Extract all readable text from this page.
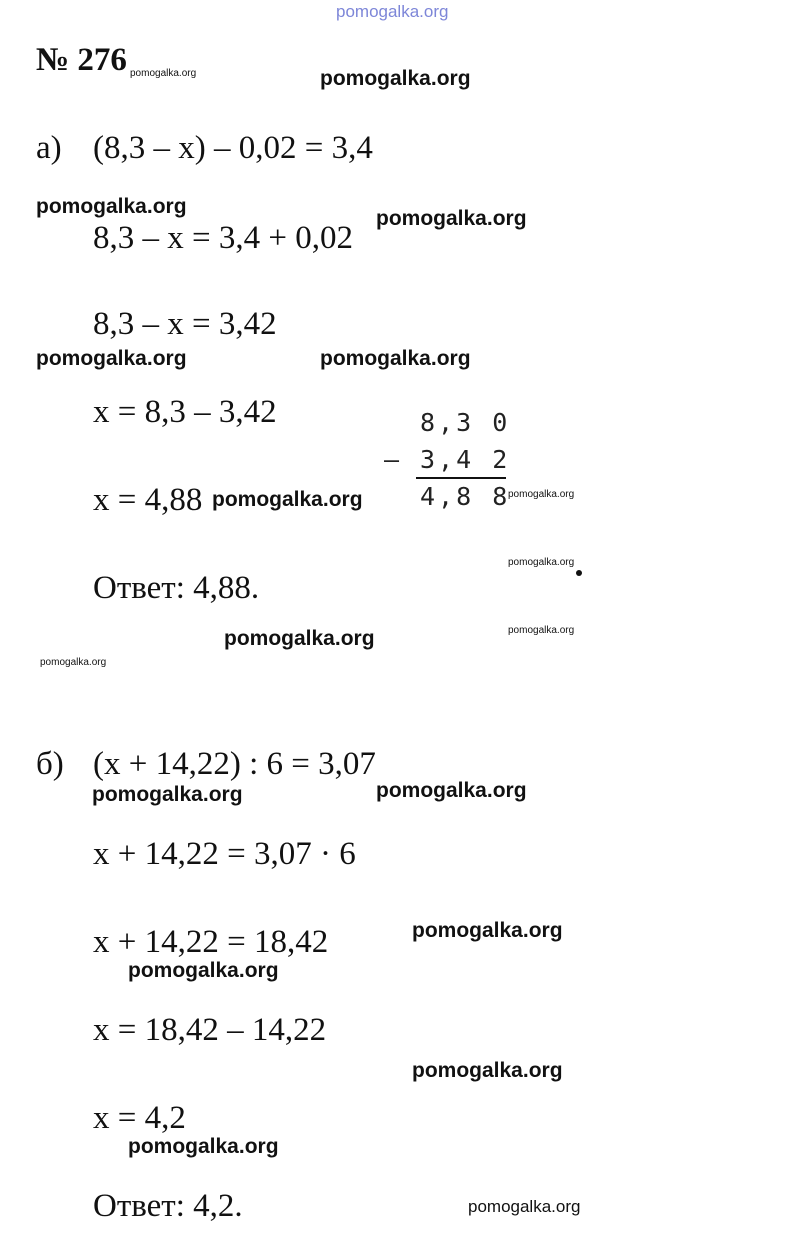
pomogalka.org
№ 276 pomogalka.org	pomogalka.org
а) (8,3 – х) – 0,02 = 3,4
pomogalka.org
8,3 – х = 3,4 + 0,02
pomogalka.org
8,3 – х = 3,42
pomogalka.org	pomogalka.org
х = 8,3 – 3,42	8,3 0
– 3,4 2
4,8 8
х = 4,88 pomogalka.org	pomogalka.org
pomogalka.org
Ответ: 4,88.
pomogalka.org	pomogalka.org
pomogalka.org
б) (х + 14,22) : 6 = 3,07
pomogalka.org	pomogalka.org
х + 14,22 = 3,07 · 6
х + 14,22 = 18,42	pomogalka.org
pomogalka.org
х = 18,42 – 14,22
pomogalka.org
х = 4,2
pomogalka.org
Ответ: 4,2.	pomogalka.org
